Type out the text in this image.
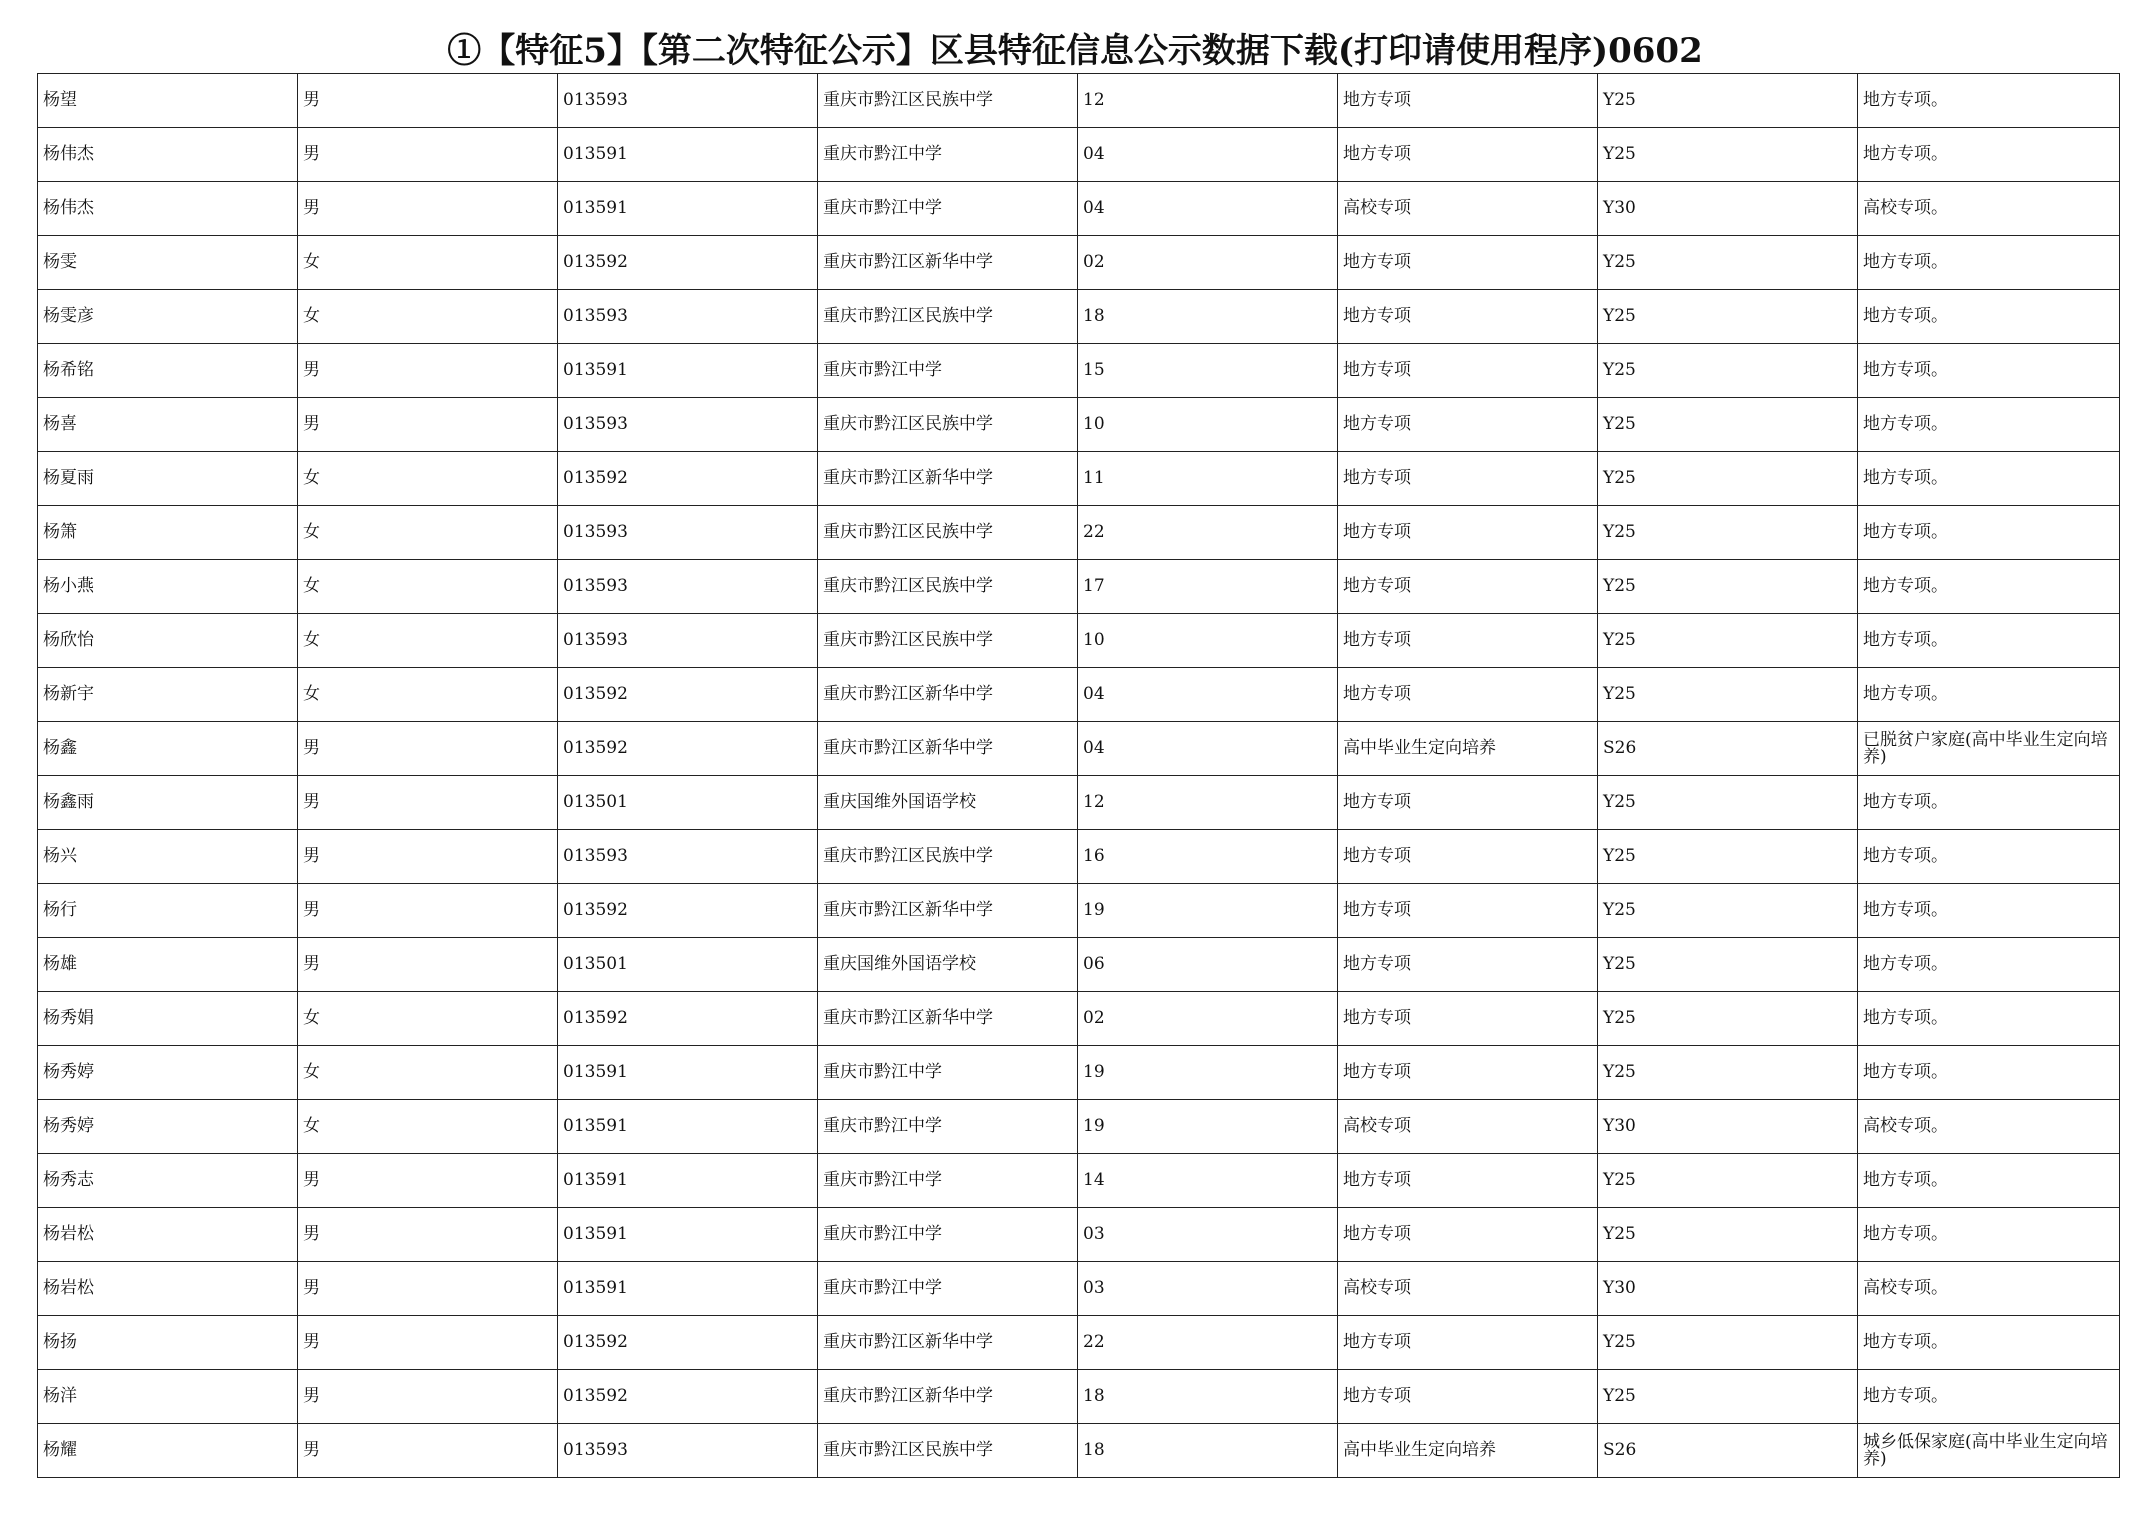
①【特征5】【第二次特征公示】区县特征信息公示数据下载(打印请使用程序)0602
杨望	男	013593	重庆市黔江区民族中学	12	地方专项	Y25	地方专项。
杨伟杰	男	013591	重庆市黔江中学	04	地方专项	Y25	地方专项。
杨伟杰	男	013591	重庆市黔江中学	04	高校专项	Y30	高校专项。
杨雯	女	013592	重庆市黔江区新华中学	02	地方专项	Y25	地方专项。
杨雯彦	女	013593	重庆市黔江区民族中学	18	地方专项	Y25	地方专项。
杨希铭	男	013591	重庆市黔江中学	15	地方专项	Y25	地方专项。
杨喜	男	013593	重庆市黔江区民族中学	10	地方专项	Y25	地方专项。
杨夏雨	女	013592	重庆市黔江区新华中学	11	地方专项	Y25	地方专项。
杨箫	女	013593	重庆市黔江区民族中学	22	地方专项	Y25	地方专项。
杨小燕	女	013593	重庆市黔江区民族中学	17	地方专项	Y25	地方专项。
杨欣怡	女	013593	重庆市黔江区民族中学	10	地方专项	Y25	地方专项。
杨新宇	女	013592	重庆市黔江区新华中学	04	地方专项	Y25	地方专项。
杨鑫	男	013592	重庆市黔江区新华中学	04	高中毕业生定向培养	S26	已脱贫户家庭(高中毕业生定向培养)
杨鑫雨	男	013501	重庆国维外国语学校	12	地方专项	Y25	地方专项。
杨兴	男	013593	重庆市黔江区民族中学	16	地方专项	Y25	地方专项。
杨行	男	013592	重庆市黔江区新华中学	19	地方专项	Y25	地方专项。
杨雄	男	013501	重庆国维外国语学校	06	地方专项	Y25	地方专项。
杨秀娟	女	013592	重庆市黔江区新华中学	02	地方专项	Y25	地方专项。
杨秀婷	女	013591	重庆市黔江中学	19	地方专项	Y25	地方专项。
杨秀婷	女	013591	重庆市黔江中学	19	高校专项	Y30	高校专项。
杨秀志	男	013591	重庆市黔江中学	14	地方专项	Y25	地方专项。
杨岩松	男	013591	重庆市黔江中学	03	地方专项	Y25	地方专项。
杨岩松	男	013591	重庆市黔江中学	03	高校专项	Y30	高校专项。
杨扬	男	013592	重庆市黔江区新华中学	22	地方专项	Y25	地方专项。
杨洋	男	013592	重庆市黔江区新华中学	18	地方专项	Y25	地方专项。
杨耀	男	013593	重庆市黔江区民族中学	18	高中毕业生定向培养	S26	城乡低保家庭(高中毕业生定向培养)
